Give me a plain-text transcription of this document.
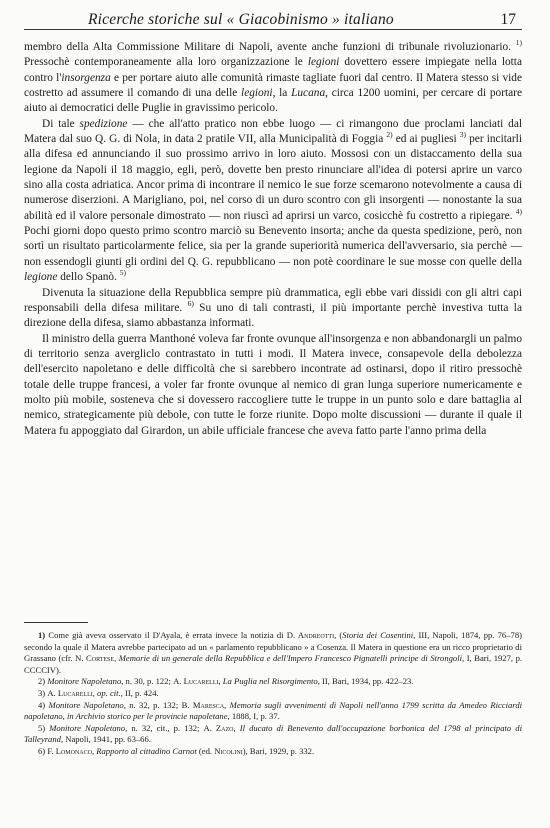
Ricerche storiche sul « Giacobinismo » italiano	17

membro della Alta Commissione Militare di Napoli, avente anche funzioni di tribunale rivoluzionario. $^{1)}$ Pressochè contemporaneamente alla loro organizzazione le legioni dovettero essere impiegate nella lotta contro l'insorgenza e per portare aiuto alle comunità rimaste tagliate fuori dal centro. Il Matera stesso si vide costretto ad assumere il comando di una delle legioni, la Lucana, circa 1200 uomini, per cercare di portare aiuto ai democratici delle Puglie in gravissimo pericolo.

Di tale spedizione — che all'atto pratico non ebbe luogo — ci rimangono due proclami lanciati dal Matera dal suo Q. G. di Nola, in data 2 pratile VII, alla Municipalità di Foggia $^{2)}$ ed ai pugliesi $^{3)}$ per incitarli alla difesa ed annunciando il suo prossimo arrivo in loro aiuto. Mossosi con un distaccamento della sua legione da Napoli il 18 maggio, egli, però, dovette ben presto rinunciare all'idea di potersi aprire un varco sino alla costa adriatica. Ancor prima di incontrare il nemico le sue forze scemarono notevolmente a causa di numerose diserzioni. A Marigliano, poi, nel corso di un duro scontro con gli insorgenti — nonostante la sua abilità ed il valore personale dimostrato — non riuscì ad aprirsi un varco, cosicchè fu costretto a ripiegare. $^{4)}$ Pochi giorni dopo questo primo scontro marciò su Benevento insorta; anche da questa spedizione, però, non sortì un risultato particolarmente felice, sia per la grande superiorità numerica dell'avversario, sia perchè — non essendogli giunti gli ordini del Q. G. repubblicano — non potè coordinare le sue mosse con quelle della legione dello Spanò. $^{5)}$

Divenuta la situazione della Repubblica sempre più drammatica, egli ebbe vari dissidi con gli altri capi responsabili della difesa militare. $^{6)}$ Su uno di tali contrasti, il più importante perchè investiva tutta la direzione della difesa, siamo abbastanza informati.

Il ministro della guerra Manthoné voleva far fronte ovunque all'insorgenza e non abbandonargli un palmo di territorio senza avergliclo contrastato in tutti i modi. Il Matera invece, consapevole della debolezza dell'esercito napoletano e delle difficoltà che si sarebbero incontrate ad ostinarsi, dopo il ritiro pressochè totale delle truppe francesi, a voler far fronte ovunque al nemico di gran lunga superiore numericamente e molto più mobile, sosteneva che si dovessero raccogliere tutte le truppe in un punto solo e dare battaglia al nemico, strategicamente più debole, con tutte le forze riunite. Dopo molte discussioni — durante il quale il Matera fu appoggiato dal Girardon, un abile ufficiale francese che aveva fatto parte l'anno prima della

1) Come già aveva osservato il D'Ayala, è errata invece la notizia di D. Andreotti, (Storia dei Cosentini, III, Napoli, 1874, pp. 76–78) secondo la quale il Matera avrebbe partecipato ad un « parlamento repubblicano » a Cosenza. Il Matera in questione era un ricco proprietario di Grassano (cfr. N. Cortese, Memorie di un generale della Repubblica e dell'Impero Francesco Pignatelli principe di Strongoli, I, Bari, 1927, p. CCCCIV).

2) Monitore Napoletano, n. 30, p. 122; A. Lucarelli, La Puglia nel Risorgimento, II, Bari, 1934, pp. 422–23.

3) A. Lucarelli, op. cit., II, p. 424.

4) Monitore Napoletano, n. 32, p. 132; B. Maresca, Memoria sugli avvenimenti di Napoli nell'anno 1799 scritta da Amedeo Ricciardi napoletano, in Archivio storico per le provincie napoletane, 1888, I, p. 37.

5) Monitore Napoletano, n. 32, cit., p. 132; A. Zazo, Il ducato di Benevento dall'occupazione borbonica del 1798 al principato di Talleyrand, Napoli, 1941, pp. 63–66.

6) F. Lomonaco, Rapporto al cittadino Carnot (ed. Nicolini), Bari, 1929, p. 332.
